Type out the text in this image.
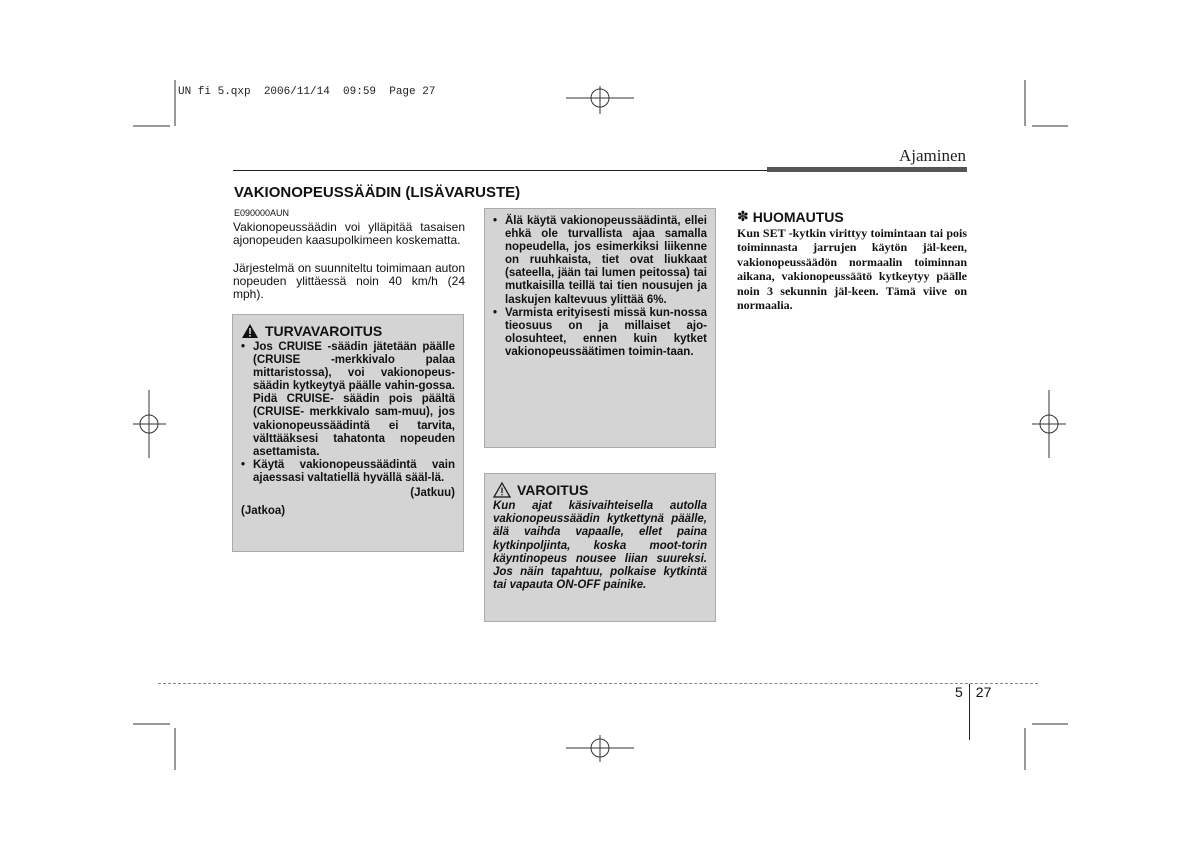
UN fi 5.qxp  2006/11/14  09:59  Page 27
Ajaminen
VAKIONOPEUSSÄÄDIN (LISÄVARUSTE)
E090000AUN
Vakionopeussäädin voi ylläpitää tasaisen ajonopeuden kaasupolkimeen koskematta.
Järjestelmä on suunniteltu toimimaan auton nopeuden ylittäessä noin 40 km/h (24 mph).
TURVAVAROITUS
• Jos CRUISE -säädin jätetään päälle (CRUISE -merkkivalo palaa mittaristossa), voi vakionopeus-säädin kytkeytyä päälle vahin-gossa. Pidä CRUISE- säädin pois päältä (CRUISE- merkkivalo sam-muu), jos vakionopeussäädintä ei tarvita, välttääksesi tahatonta nopeuden asettamista.
• Käytä vakionopeussäädintä vain ajaessasi valtatiellä hyvällä sääl-lä.
(Jatkuu)
(Jatkoa)
• Älä käytä vakionopeussäädintä, ellei ehkä ole turvallista ajaa samalla nopeudella, jos esimerkiksi liikenne on ruuhkaista, tiet ovat liukkaat (sateella, jään tai lumen peitossa) tai mutkaisilla teillä tai tien nousujen ja laskujen kaltevuus ylittää 6%.
• Varmista erityisesti missä kun-nossa tieosuus on ja millaiset ajo-olosuhteet, ennen kuin kytket vakionopeussäätimen toimin-taan.
VAROITUS
Kun ajat käsivaihteisella autolla vakionopeussäädin kytkettynä päälle, älä vaihda vapaalle, ellet paina kytkinpoljinta, koska moot-torin käyntinopeus nousee liian suureksi. Jos näin tapahtuu, polkaise kytkintä tai vapauta ON-OFF painike.
✽ HUOMAUTUS
Kun SET -kytkin virittyy toimintaan tai pois toiminnasta jarrujen käytön jäl-keen, vakionopeussäädön normaalin toiminnan aikana, vakionopeussäätö kytkeytyy päälle noin 3 sekunnin jäl-keen. Tämä viive on normaalia.
5 27
